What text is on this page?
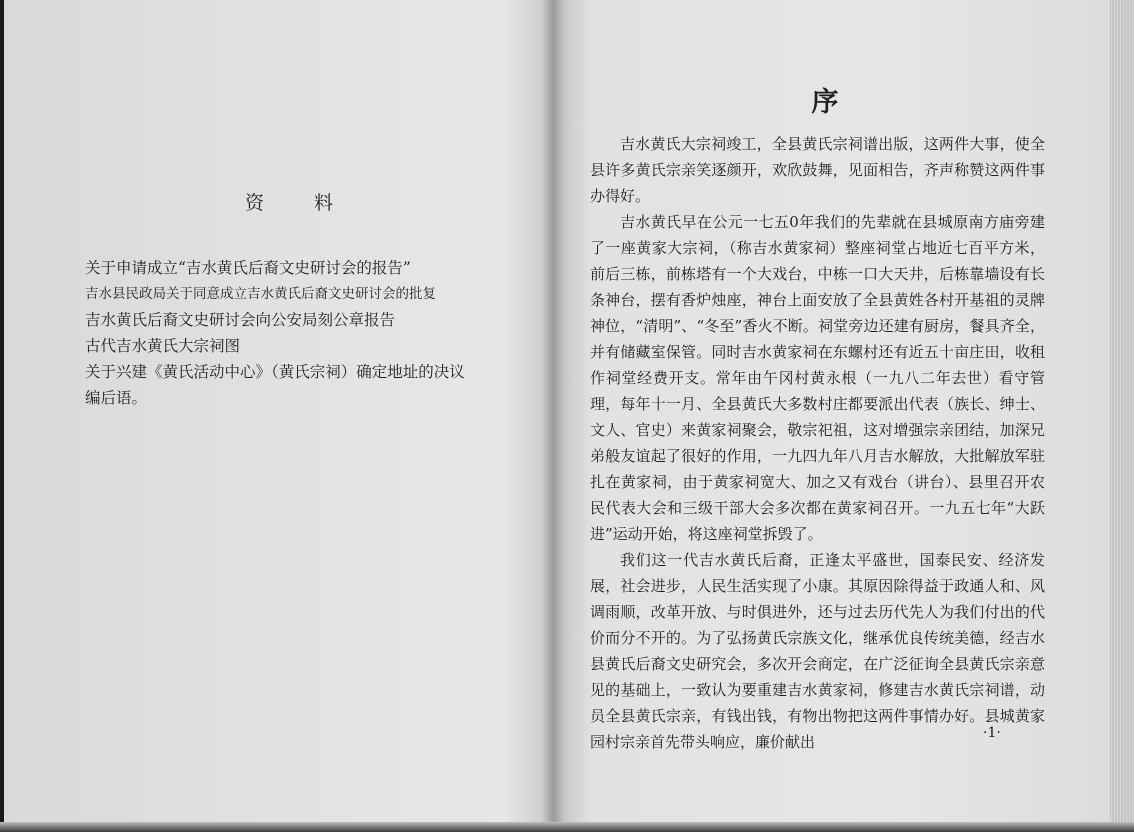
资 料
关于申请成立“吉水黄氏后裔文史研讨会的报告”
吉水县民政局关于同意成立吉水黄氏后裔文史研讨会的批复
吉水黄氏后裔文史研讨会向公安局刻公章报告
古代吉水黄氏大宗祠图
关于兴建《黄氏活动中心》（黄氏宗祠）确定地址的决议
编后语。
序

吉水黄氏大宗祠竣工，全县黄氏宗祠谱出版，这两件大事，使全县许多黄氏宗亲笑逐颜开，欢欣鼓舞，见面相告，齐声称赞这两件事办得好。

吉水黄氏早在公元一七五0年我们的先辈就在县城原南方庙旁建了一座黄家大宗祠，（称吉水黄家祠）整座祠堂占地近七百平方米，前后三栋，前栋塔有一个大戏台，中栋一口大天井，后栋靠墙设有长条神台，摆有香炉烛座，神台上面安放了全县黄姓各村开基祖的灵牌神位，“清明”、“冬至”香火不断。祠堂旁边还建有厨房，餐具齐全，并有储藏室保管。同时吉水黄家祠在东螺村还有近五十亩庄田，收租作祠堂经费开支。常年由午冈村黄永根（一九八二年去世）看守管理，每年十一月、全县黄氏大多数村庄都要派出代表（族长、绅士、文人、官史）来黄家祠聚会，敬宗祀祖，这对增强宗亲团结，加深兄弟般友谊起了很好的作用，一九四九年八月吉水解放，大批解放军驻扎在黄家祠，由于黄家祠宽大、加之又有戏台（讲台）、县里召开农民代表大会和三级干部大会多次都在黄家祠召开。一九五七年“大跃进”运动开始，将这座祠堂拆毁了。

我们这一代吉水黄氏后裔，正逢太平盛世，国泰民安、经济发展，社会进步，人民生活实现了小康。其原因除得益于政通人和、风调雨顺，改革开放、与时俱进外，还与过去历代先人为我们付出的代价而分不开的。为了弘扬黄氏宗族文化，继承优良传统美德，经吉水县黄氏后裔文史研究会，多次开会商定，在广泛征询全县黄氏宗亲意见的基础上，一致认为要重建吉水黄家祠，修建吉水黄氏宗祠谱，动员全县黄氏宗亲，有钱出钱，有物出物把这两件事情办好。县城黄家园村宗亲首先带头响应，廉价献出	·1·
